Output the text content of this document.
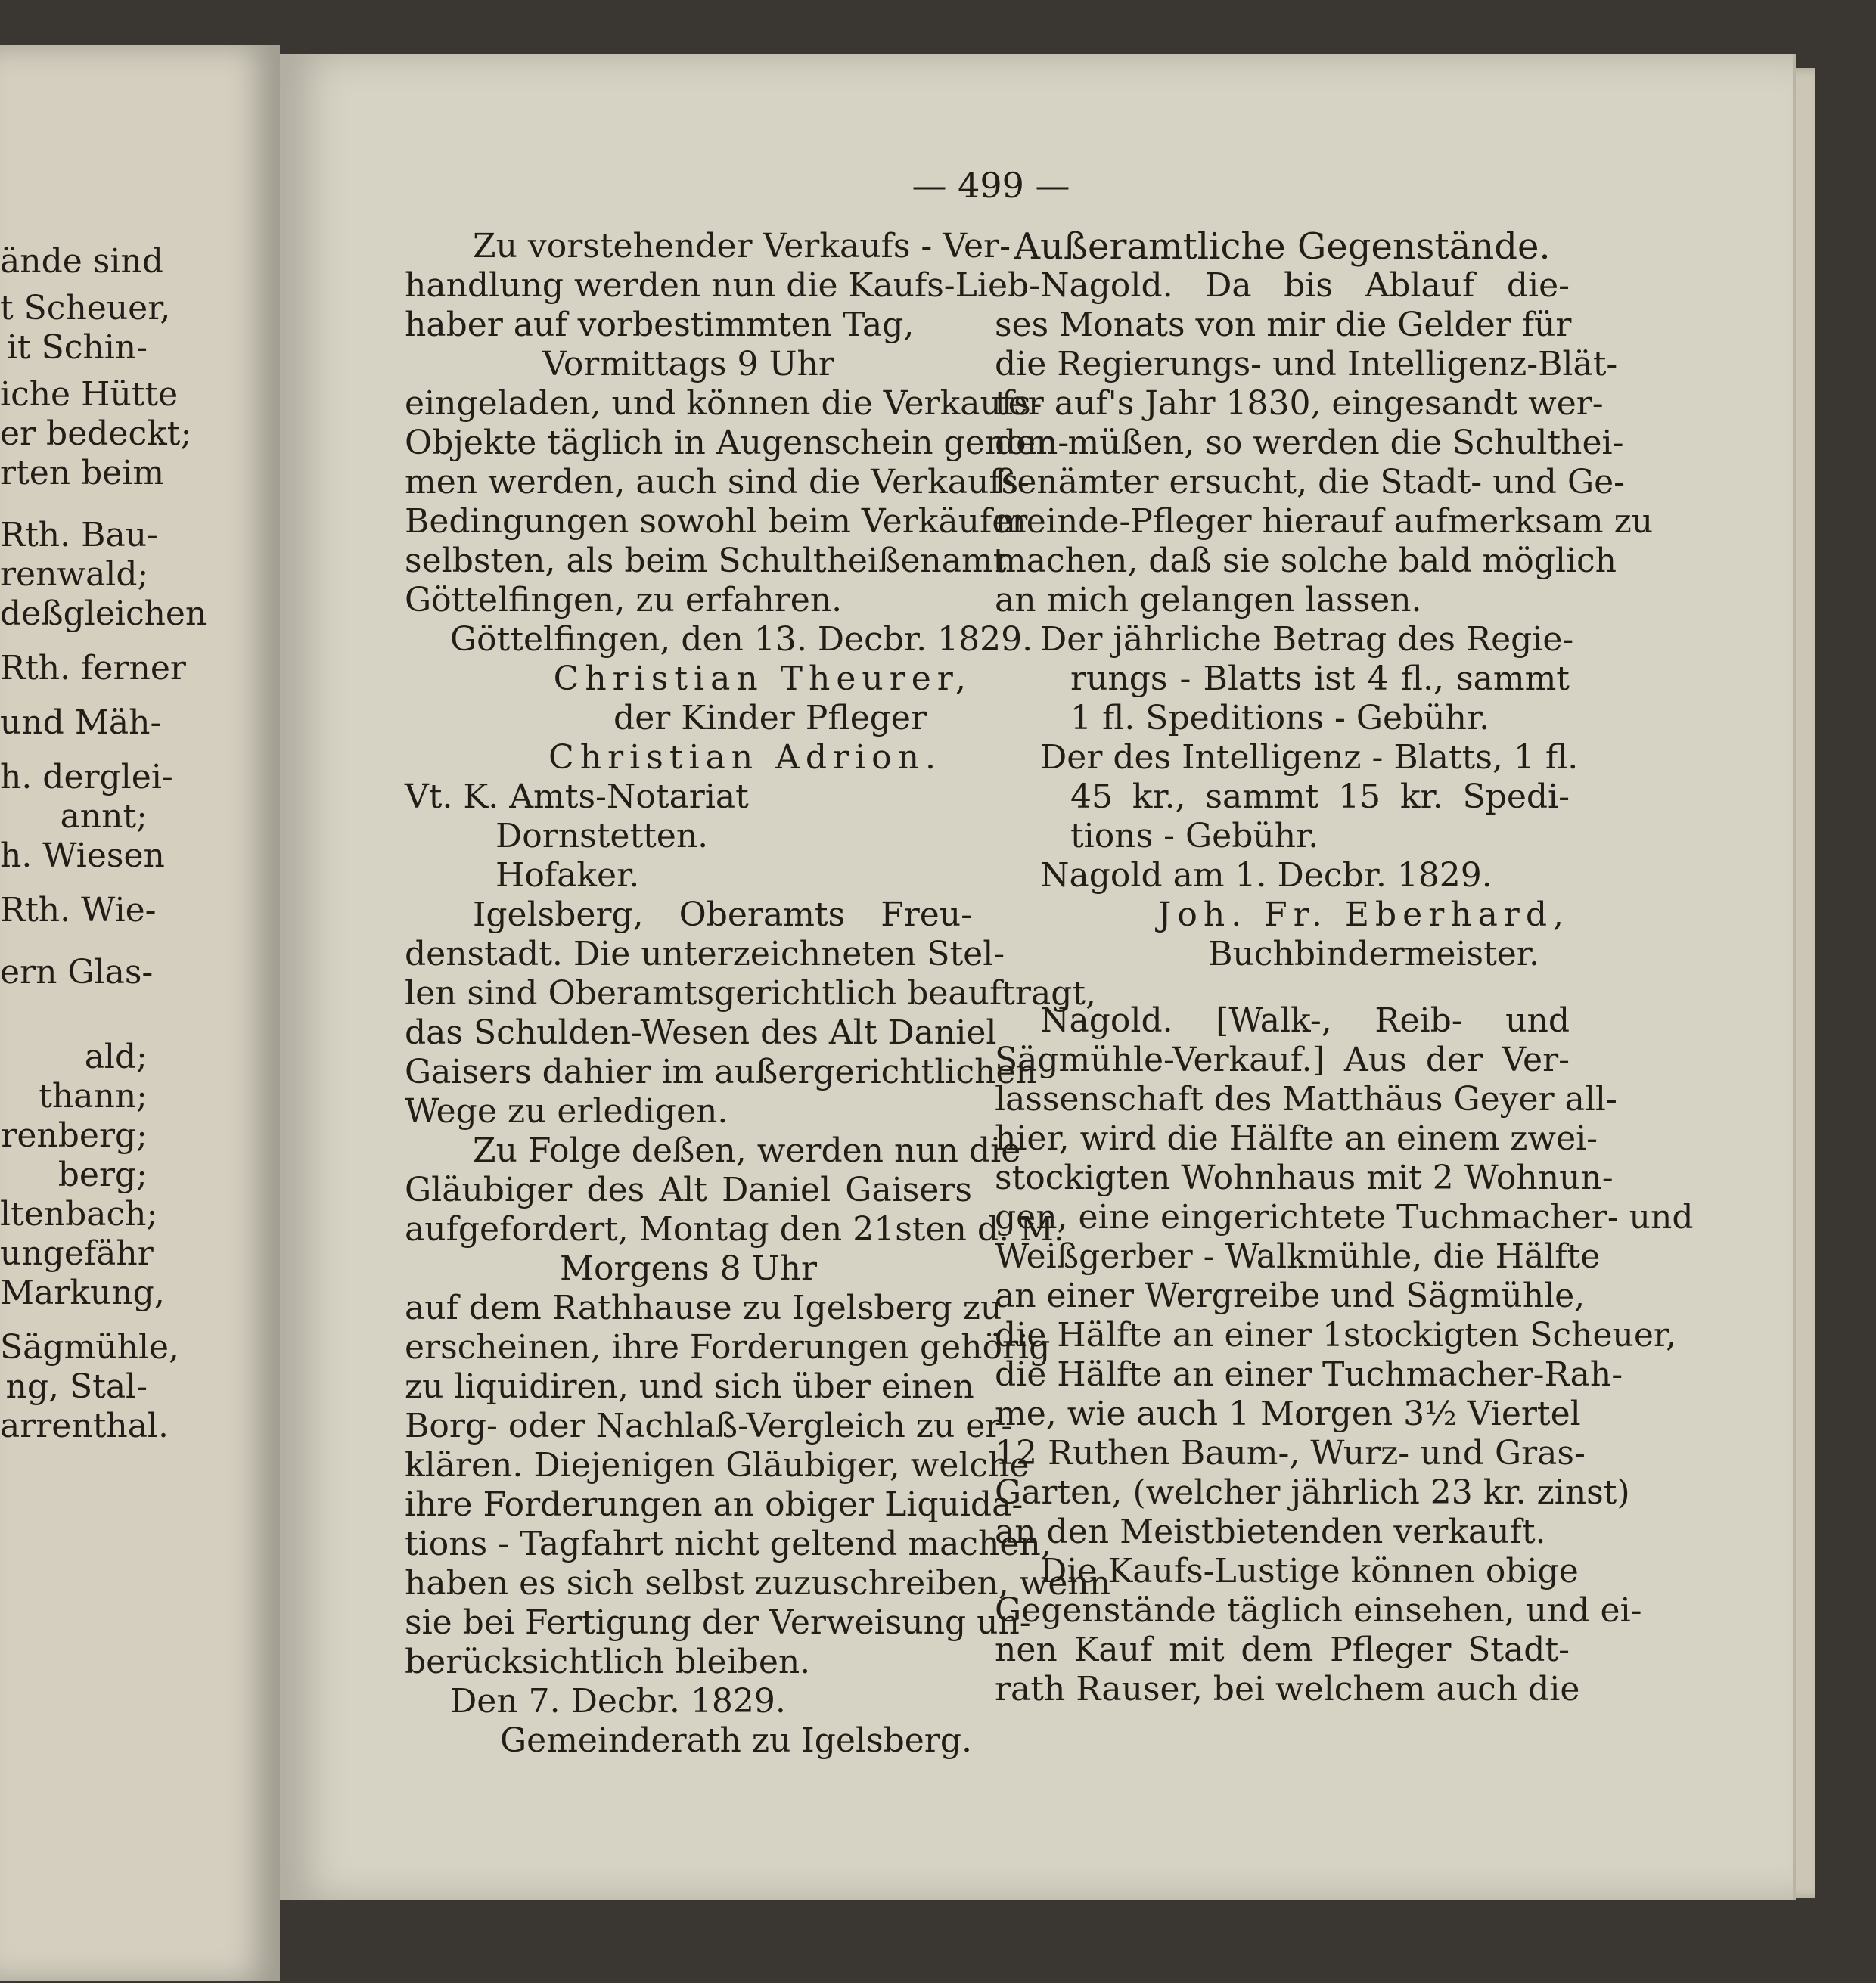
ände sind
t Scheuer,
it Schin-
iche Hütte
er bedeckt;
rten beim
Rth. Bau-
renwald;
deßgleichen
Rth. ferner
und Mäh-
h. derglei-
annt;
h. Wiesen
Rth. Wie-
ern Glas-
ald;
thann;
renberg;
berg;
ltenbach;
ungefähr
Markung,
Sägmühle,
ng, Stal-
arrenthal.
— 499 —
Zu vorstehender Verkaufs - Ver-
handlung werden nun die Kaufs-Lieb-
haber auf vorbestimmten Tag,
Vormittags 9 Uhr
eingeladen, und können die Verkaufs-
Objekte täglich in Augenschein genom-
men werden, auch sind die Verkaufs-
Bedingungen sowohl beim Verkäufer
selbsten, als beim Schultheißenamt
Göttelfingen, zu erfahren.
Göttelfingen, den 13. Decbr. 1829.
Christian Theurer,
der Kinder Pfleger
Christian Adrion.
Vt. K. Amts-Notariat
Dornstetten.
Hofaker.
Igelsberg, Oberamts Freu-
denstadt. Die unterzeichneten Stel-
len sind Oberamtsgerichtlich beauftragt,
das Schulden-Wesen des Alt Daniel
Gaisers dahier im außergerichtlichen
Wege zu erledigen.
Zu Folge deßen, werden nun die
Gläubiger des Alt Daniel Gaisers
aufgefordert, Montag den 21sten d. M.
Morgens 8 Uhr
auf dem Rathhause zu Igelsberg zu
erscheinen, ihre Forderungen gehörig
zu liquidiren, und sich über einen
Borg- oder Nachlaß-Vergleich zu er-
klären. Diejenigen Gläubiger, welche
ihre Forderungen an obiger Liquida-
tions - Tagfahrt nicht geltend machen,
haben es sich selbst zuzuschreiben, wenn
sie bei Fertigung der Verweisung un-
berücksichtlich bleiben.
Den 7. Decbr. 1829.
Gemeinderath zu Igelsberg.
Außeramtliche Gegenstände.
Nagold. Da bis Ablauf die-
ses Monats von mir die Gelder für
die Regierungs- und Intelligenz-Blät-
ter auf's Jahr 1830, eingesandt wer-
den müßen, so werden die Schulthei-
ßenämter ersucht, die Stadt- und Ge-
meinde-Pfleger hierauf aufmerksam zu
machen, daß sie solche bald möglich
an mich gelangen lassen.
Der jährliche Betrag des Regie-
rungs - Blatts ist 4 fl., sammt
1 fl. Speditions - Gebühr.
Der des Intelligenz - Blatts, 1 fl.
45 kr., sammt 15 kr. Spedi-
tions - Gebühr.
Nagold am 1. Decbr. 1829.
Joh. Fr. Eberhard,
Buchbindermeister.
Nagold. [Walk-, Reib- und
Sägmühle-Verkauf.] Aus der Ver-
lassenschaft des Matthäus Geyer all-
hier, wird die Hälfte an einem zwei-
stockigten Wohnhaus mit 2 Wohnun-
gen, eine eingerichtete Tuchmacher- und
Weißgerber - Walkmühle, die Hälfte
an einer Wergreibe und Sägmühle,
die Hälfte an einer 1stockigten Scheuer,
die Hälfte an einer Tuchmacher-Rah-
me, wie auch 1 Morgen 3½ Viertel
12 Ruthen Baum-, Wurz- und Gras-
Garten, (welcher jährlich 23 kr. zinst)
an den Meistbietenden verkauft.
Die Kaufs-Lustige können obige
Gegenstände täglich einsehen, und ei-
nen Kauf mit dem Pfleger Stadt-
rath Rauser, bei welchem auch die
